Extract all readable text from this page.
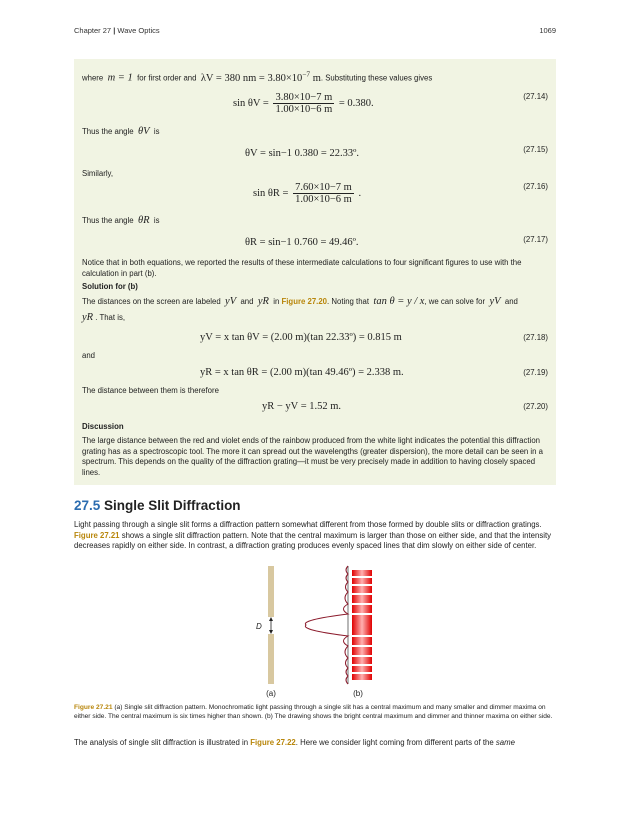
Chapter 27 | Wave Optics	1069
where m = 1 for first order and λV = 380 nm = $3.80\times 10^{-7}$ m. Substituting these values gives
$\sin \theta V = \frac{3.80\times 10-7 m}{1.00\times 10-6 m} = 0.380$.
(27.14)
Thus the angle θV is
θV = sin−1 0.380 = 22.33º.	(27.15)
Similarly,
$\sin \theta R = \frac{7.60\times 10-7 m}{1.00\times 10-6 m}$ .
(27.16)
Thus the angle θR is
θR = sin−1 0.760 = 49.46º.	(27.17)
Notice that in both equations, we reported the results of these intermediate calculations to four significant figures to use with the calculation in part (b).
Solution for (b)
The distances on the screen are labeled yV and yR in Figure 27.20. Noting that tan θ = y / x, we can solve for yV and
yR . That is,
yV = x tan θV = (2.00 m)(tan 22.33º) = 0.815 m	(27.18)
and
yR = x tan θR = (2.00 m)(tan 49.46º) = 2.338 m.	(27.19)
The distance between them is therefore
yR − yV = 1.52 m.	(27.20)
Discussion
The large distance between the red and violet ends of the rainbow produced from the white light indicates the potential this diffraction grating has as a spectroscopic tool. The more it can spread out the wavelengths (greater dispersion), the more detail can be seen in a spectrum. This depends on the quality of the diffraction grating—it must be very precisely made in addition to having closely spaced lines.
27.5 Single Slit Diffraction
Light passing through a single slit forms a diffraction pattern somewhat different from those formed by double slits or diffraction gratings. Figure 27.21 shows a single slit diffraction pattern. Note that the central maximum is larger than those on either side, and that the intensity decreases rapidly on either side. In contrast, a diffraction grating produces evenly spaced lines that dim slowly on either side of center.
D
(a)	(b)
Figure 27.21 (a) Single slit diffraction pattern. Monochromatic light passing through a single slit has a central maximum and many smaller and dimmer maxima on either side. The central maximum is six times higher than shown. (b) The drawing shows the bright central maximum and dimmer and thinner maxima on either side.
The analysis of single slit diffraction is illustrated in Figure 27.22. Here we consider light coming from different parts of the same
